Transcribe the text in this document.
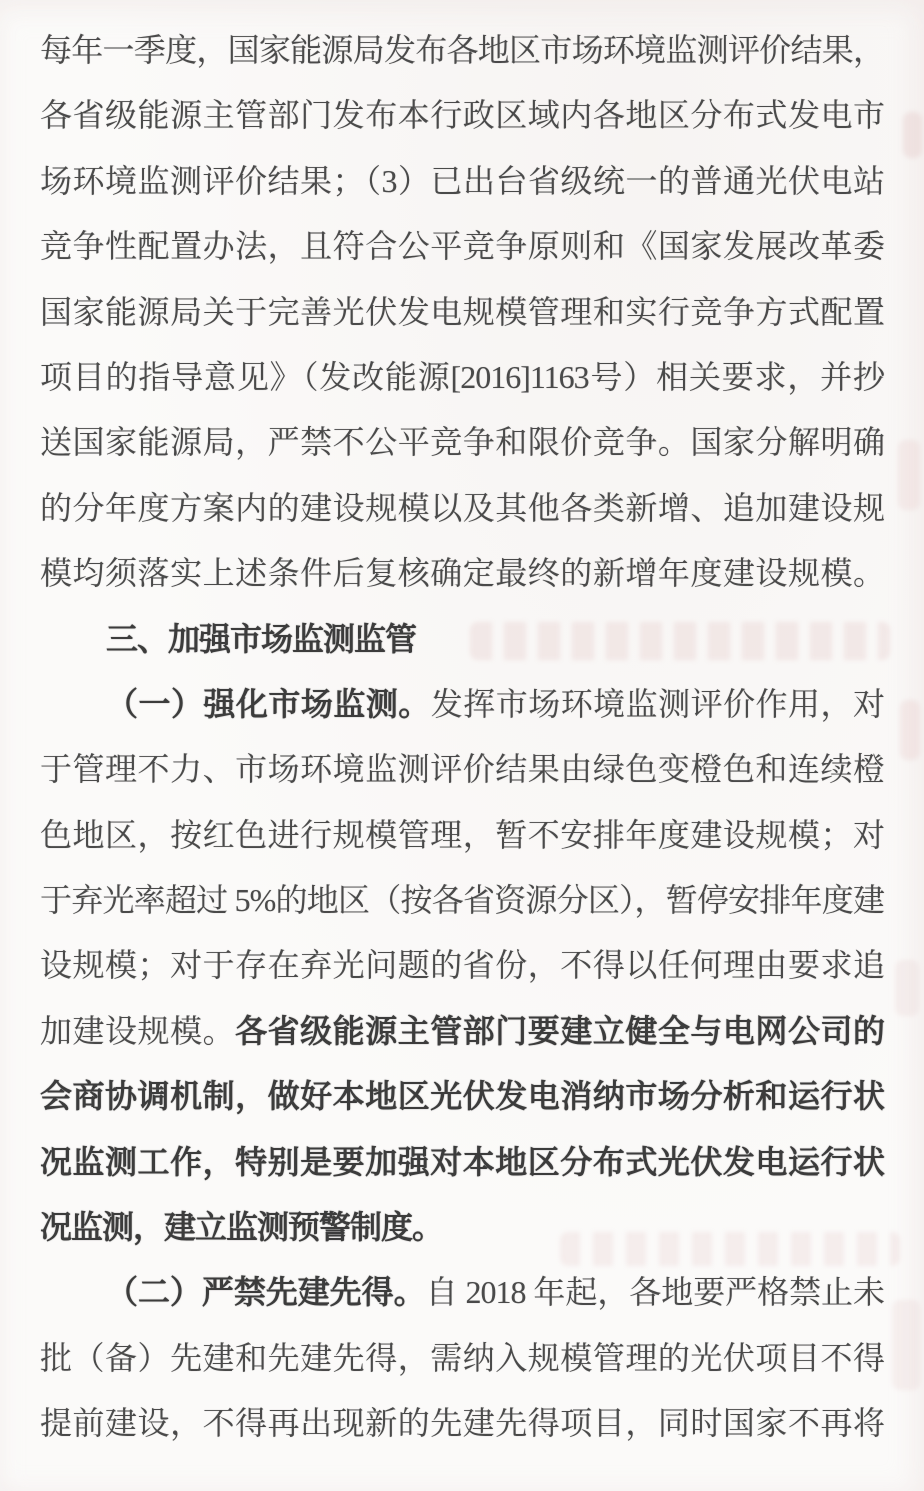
每年一季度，国家能源局发布各地区市场环境监测评价结果，
各省级能源主管部门发布本行政区域内各地区分布式发电市
场环境监测评价结果；（3）已出台省级统一的普通光伏电站
竞争性配置办法，且符合公平竞争原则和《国家发展改革委
国家能源局关于完善光伏发电规模管理和实行竞争方式配置
项目的指导意见》（发改能源[2016]1163号）相关要求，并抄
送国家能源局，严禁不公平竞争和限价竞争。国家分解明确
的分年度方案内的建设规模以及其他各类新增、追加建设规
模均须落实上述条件后复核确定最终的新增年度建设规模。
三、加强市场监测监管
（一）强化市场监测。发挥市场环境监测评价作用，对
于管理不力、市场环境监测评价结果由绿色变橙色和连续橙
色地区，按红色进行规模管理，暂不安排年度建设规模；对
于弃光率超过 5%的地区（按各省资源分区），暂停安排年度建
设规模；对于存在弃光问题的省份，不得以任何理由要求追
加建设规模。各省级能源主管部门要建立健全与电网公司的
会商协调机制，做好本地区光伏发电消纳市场分析和运行状
况监测工作，特别是要加强对本地区分布式光伏发电运行状
况监测，建立监测预警制度。
（二）严禁先建先得。自 2018 年起，各地要严格禁止未
批（备）先建和先建先得，需纳入规模管理的光伏项目不得
提前建设，不得再出现新的先建先得项目，同时国家不再将
